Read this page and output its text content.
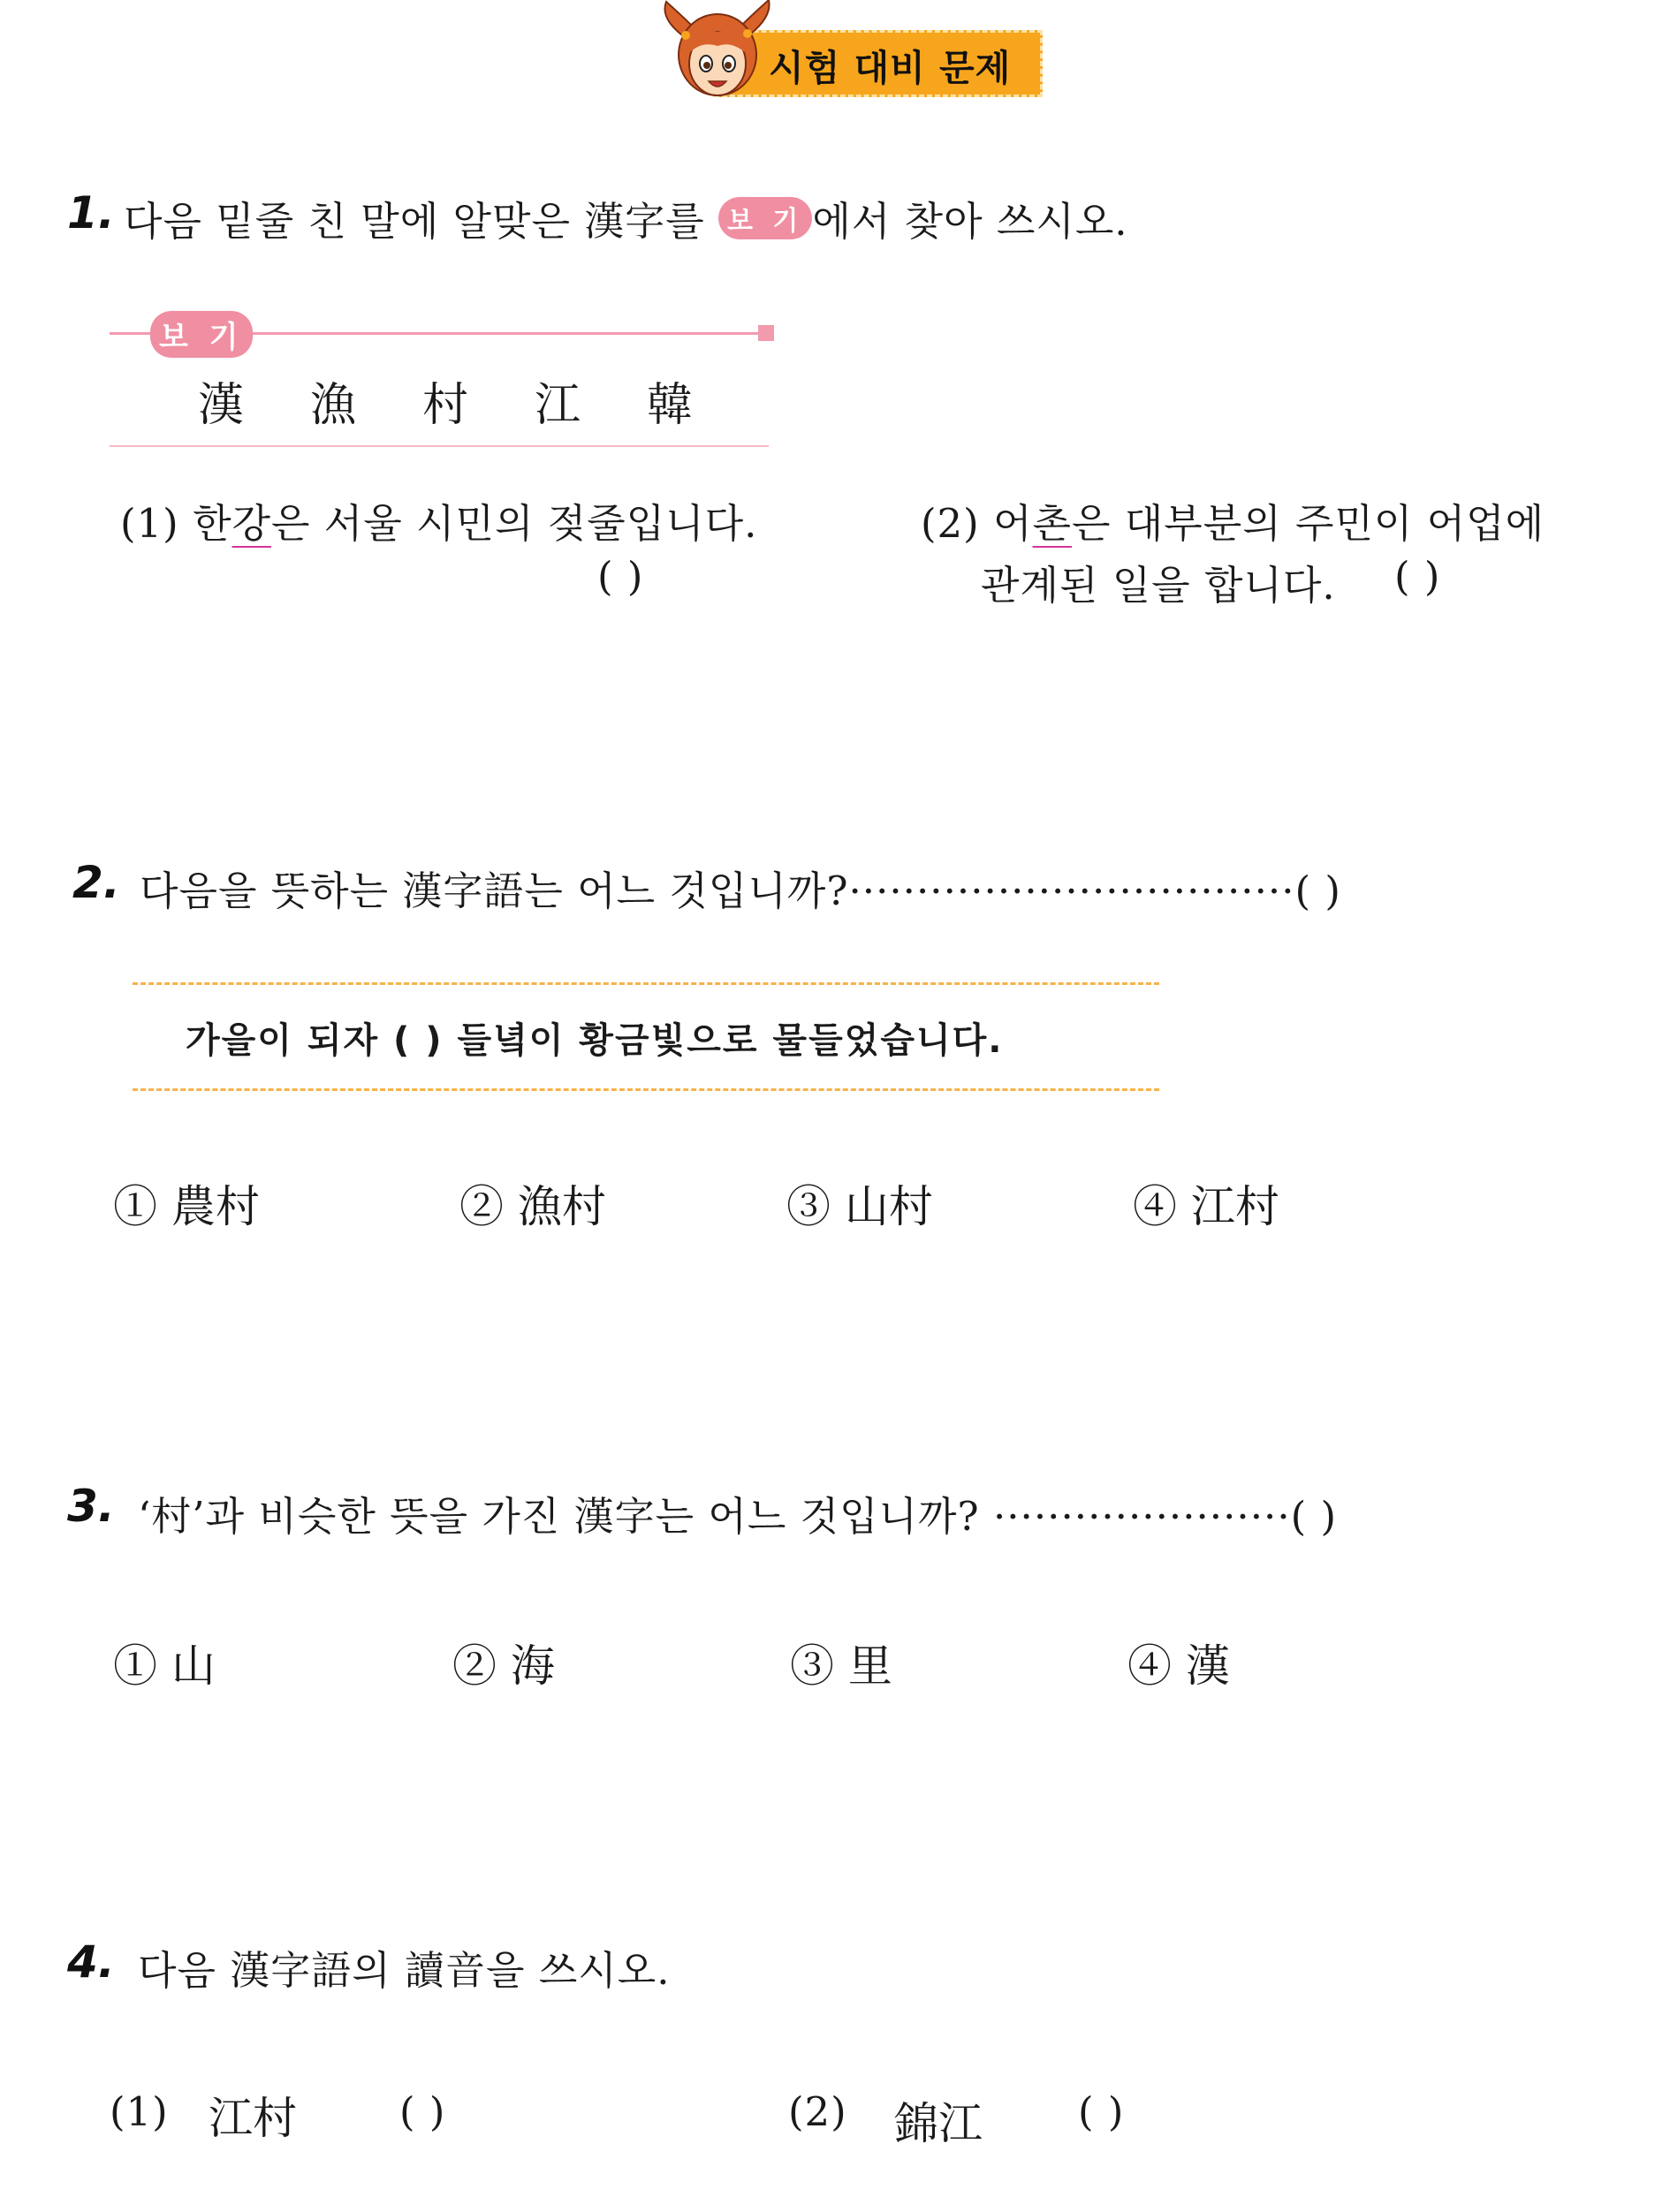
시험 대비 문제
1. 다음 밑줄 친 말에 알맞은 漢字를 보 기 에서 찾아 쓰시오.
보 기
漢 漁 村 江 韓
(1) 한강은 서울 시민의 젖줄입니다.
( )
(2) 어촌은 대부분의 주민이 어업에
관계된 일을 합니다. ( )
2. 다음을 뜻하는 漢字語는 어느 것입니까?·································( )
가을이 되자 ( ) 들녘이 황금빛으로 물들었습니다.
① 農村	② 漁村	③ 山村	④ 江村
3. ‘村’과 비슷한 뜻을 가진 漢字는 어느 것입니까? ······················( )
① 山	② 海	③ 里	④ 漢
4. 다음 漢字語의 讀音을 쓰시오.
(1) 江村	( )	(2) 錦江 ( )
